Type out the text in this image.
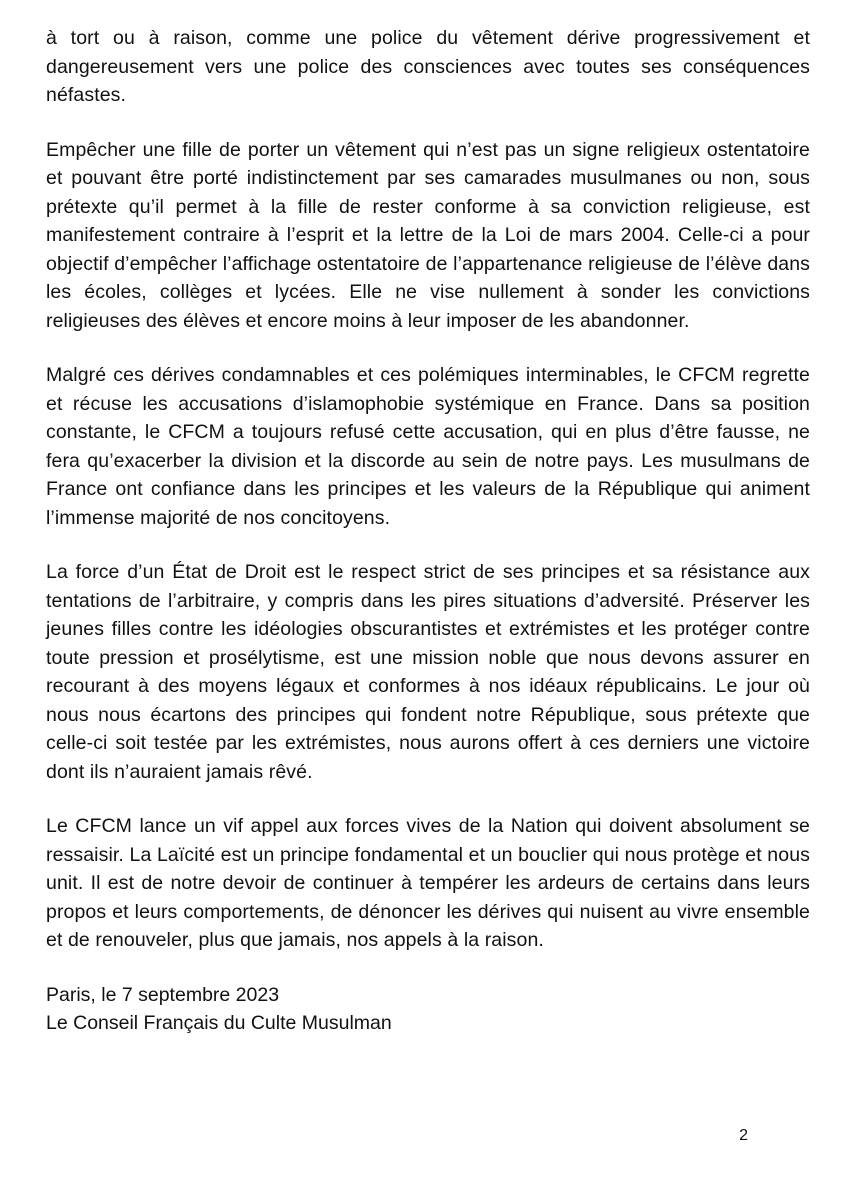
à tort ou à raison, comme une police du vêtement dérive progressivement et dangereusement vers une police des consciences avec toutes ses conséquences néfastes.

Empêcher une fille de porter un vêtement qui n’est pas un signe religieux ostentatoire et pouvant être porté indistinctement par ses camarades musulmanes ou non, sous prétexte qu’il permet à la fille de rester conforme à sa conviction religieuse, est manifestement contraire à l’esprit et la lettre de la Loi de mars 2004. Celle-ci a pour objectif d’empêcher l’affichage ostentatoire de l’appartenance religieuse de l’élève dans les écoles, collèges et lycées. Elle ne vise nullement à sonder les convictions religieuses des élèves et encore moins à leur imposer de les abandonner.

Malgré ces dérives condamnables et ces polémiques interminables, le CFCM regrette et récuse les accusations d’islamophobie systémique en France. Dans sa position constante, le CFCM a toujours refusé cette accusation, qui en plus d’être fausse, ne fera qu’exacerber la division et la discorde au sein de notre pays. Les musulmans de France ont confiance dans les principes et les valeurs de la République qui animent l’immense majorité de nos concitoyens.

La force d’un État de Droit est le respect strict de ses principes et sa résistance aux tentations de l’arbitraire, y compris dans les pires situations d’adversité. Préserver les jeunes filles contre les idéologies obscurantistes et extrémistes et les protéger contre toute pression et prosélytisme, est une mission noble que nous devons assurer en recourant à des moyens légaux et conformes à nos idéaux républicains. Le jour où nous nous écartons des principes qui fondent notre République, sous prétexte que celle-ci soit testée par les extrémistes, nous aurons offert à ces derniers une victoire dont ils n’auraient jamais rêvé.

Le CFCM lance un vif appel aux forces vives de la Nation qui doivent absolument se ressaisir. La Laïcité est un principe fondamental et un bouclier qui nous protège et nous unit. Il est de notre devoir de continuer à tempérer les ardeurs de certains dans leurs propos et leurs comportements, de dénoncer les dérives qui nuisent au vivre ensemble et de renouveler, plus que jamais, nos appels à la raison.

Paris, le 7 septembre 2023
Le Conseil Français du Culte Musulman

2
